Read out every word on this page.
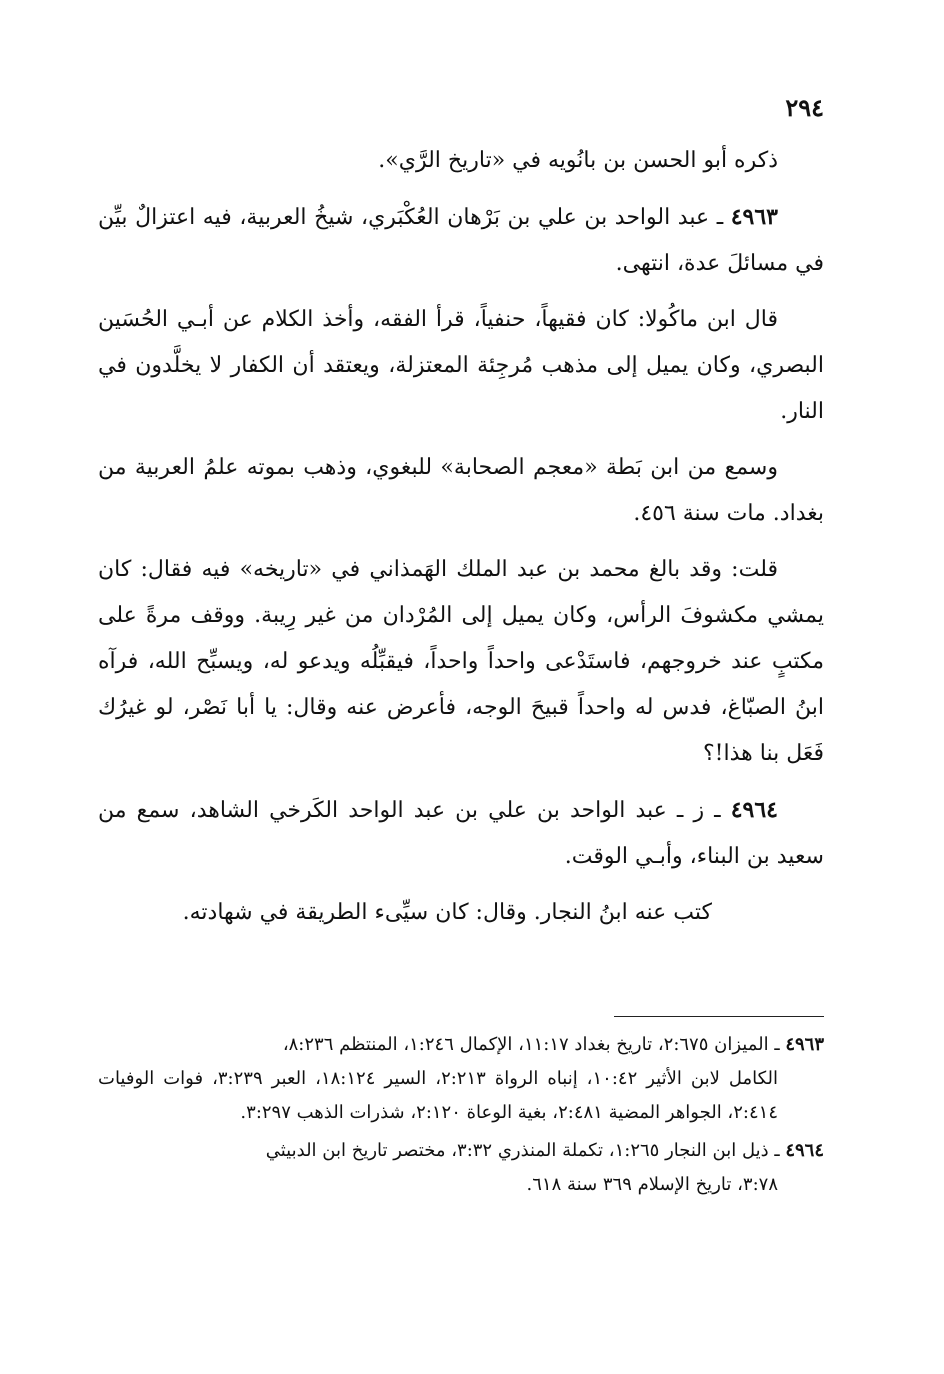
٢٩٤

ذكره أبو الحسن بن بانُويه في «تاريخ الرَّي».

٤٩٦٣ ـ عبد الواحد بن علي بن بَرْهان العُكْبَري، شيخُ العربية، فيه اعتزالٌ بيِّن في مسائلَ عدة، انتهى.

قال ابن ماكُولا: كان فقيهاً، حنفياً، قرأ الفقه، وأخذ الكلام عن أبـي الحُسَين البصري، وكان يميل إلى مذهب مُرجِئة المعتزلة، ويعتقد أن الكفار لا يخلَّدون في النار.

وسمع من ابن بَطة «معجم الصحابة» للبغوي، وذهب بموته علمُ العربية من بغداد. مات سنة ٤٥٦.

قلت: وقد بالغ محمد بن عبد الملك الهَمذاني في «تاريخه» فيه فقال: كان يمشي مكشوفَ الرأس، وكان يميل إلى المُرْدان من غير رِيبة. ووقف مرةً على مكتبٍ عند خروجهم، فاستَدْعى واحداً واحداً، فيقبِّلُه ويدعو له، ويسبِّح الله، فرآه ابنُ الصبّاغ، فدس له واحداً قبيحَ الوجه، فأعرض عنه وقال: يا أبا نَصْر، لو غيرُك فَعَل بنا هذا!؟

٤٩٦٤ ـ ز ـ عبد الواحد بن علي بن عبد الواحد الكَرخي الشاهد، سمع من سعيد بن البناء، وأبـي الوقت.

كتب عنه ابنُ النجار. وقال: كان سيِّىء الطريقة في شهادته.

٤٩٦٣ ـ الميزان ٢:٦٧٥، تاريخ بغداد ١١:١٧، الإكمال ١:٢٤٦، المنتظم ٨:٢٣٦،
الكامل لابن الأثير ١٠:٤٢، إنباه الرواة ٢:٢١٣، السير ١٨:١٢٤، العبر ٣:٢٣٩، فوات الوفيات ٢:٤١٤، الجواهر المضية ٢:٤٨١، بغية الوعاة ٢:١٢٠، شذرات الذهب ٣:٢٩٧.

٤٩٦٤ ـ ذيل ابن النجار ١:٢٦٥، تكملة المنذري ٣:٣٢، مختصر تاريخ ابن الدبيثي
٣:٧٨، تاريخ الإسلام ٣٦٩ سنة ٦١٨.
